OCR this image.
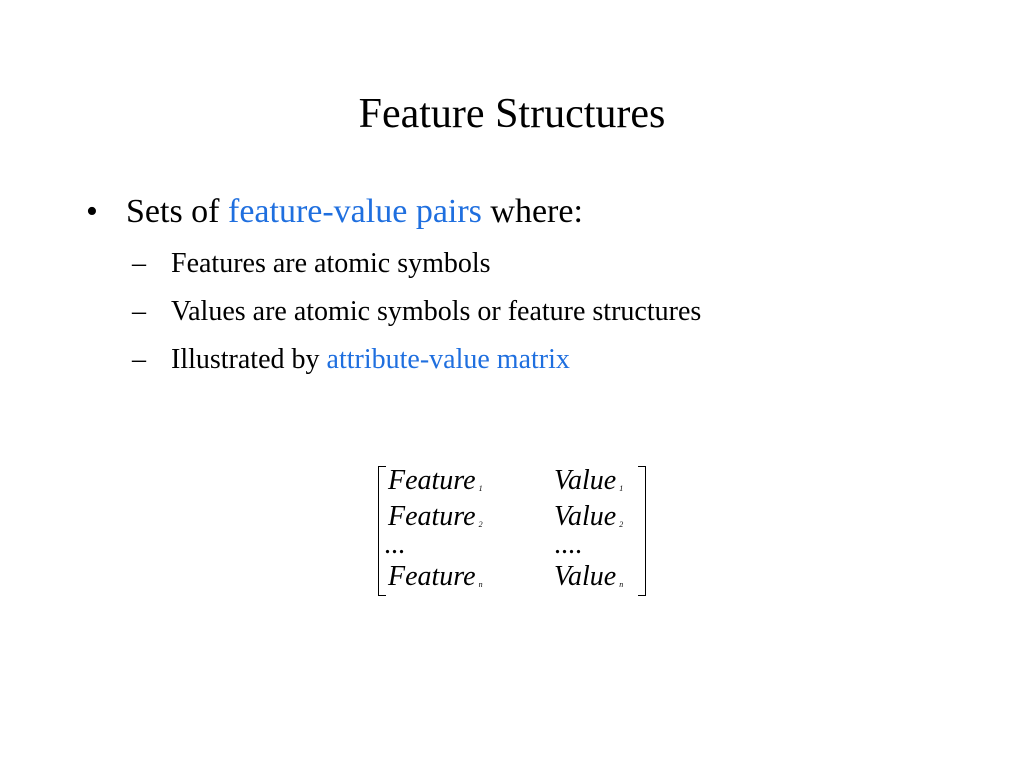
Feature Structures
• Sets of feature-value pairs where:
– Features are atomic symbols
– Values are atomic symbols or feature structures
– Illustrated by attribute-value matrix
Feature 1	Value 1
Feature 2	Value 2
...	....
Feature n	Value n
